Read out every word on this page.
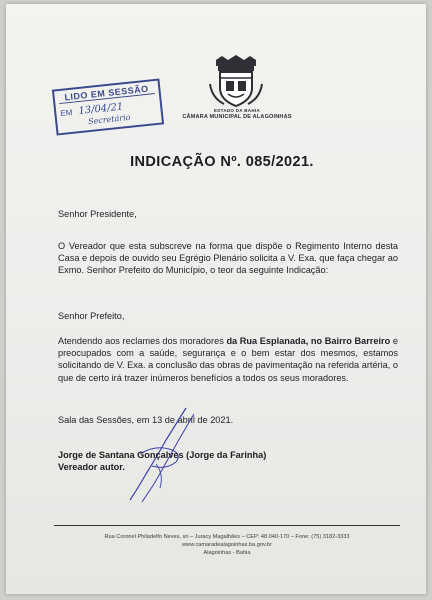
LIDO EM SESSÃO
EM 13/04/21
Secretário
ESTADO DA BAHIA
CÂMARA MUNICIPAL DE ALAGOINHAS
INDICAÇÃO Nº. 085/2021.
Senhor Presidente,
O Vereador que esta subscreve na forma que dispõe o Regimento Interno desta Casa e depois de ouvido seu Egrégio Plenário solicita a V. Exa. que faça chegar ao Exmo. Senhor Prefeito do Município, o teor da seguinte Indicação:
Senhor Prefeito,
Atendendo aos reclames dos moradores da Rua Esplanada, no Bairro Barreiro e preocupados com a saúde, segurança e o bem estar dos mesmos, estamos solicitando de V. Exa. a conclusão das obras de pavimentação na referida artéria, o que de certo irá trazer inúmeros benefícios a todos os seus moradores.
Sala das Sessões, em 13 de abril de 2021.
Jorge de Santana Gonçalves (Jorge da Farinha)
Vereador autor.
Rua Coronel Philadelfo Neves, sn – Juracy Magalhães – CEP: 48.040-170 – Fone: (75) 3182-3333
www.camaradealagoinhas.ba.gov.br
Alagoinhas - Bahia
